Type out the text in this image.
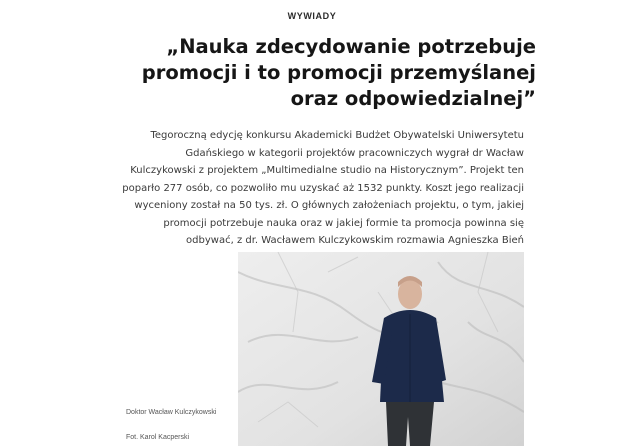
WYWIADY
„Nauka zdecydowanie potrzebuje
promocji i to promocji przemyślanej
oraz odpowiedzialnej”
Tegoroczną edycję konkursu Akademicki Budżet Obywatelski Uniwersytetu
Gdańskiego w kategorii projektów pracowniczych wygrał dr Wacław
Kulczykowski z projektem „Multimedialne studio na Historycznym”. Projekt ten
poparło 277 osób, co pozwoliło mu uzyskać aż 1532 punkty. Koszt jego realizacji
wyceniony został na 50 tys. zł. O głównych założeniach projektu, o tym, jakiej
promocji potrzebuje nauka oraz w jakiej formie ta promocja powinna się
odbywać, z dr. Wacławem Kulczykowskim rozmawia Agnieszka Bień
Doktor Wacław Kulczykowski
Fot. Karol Kacperski
